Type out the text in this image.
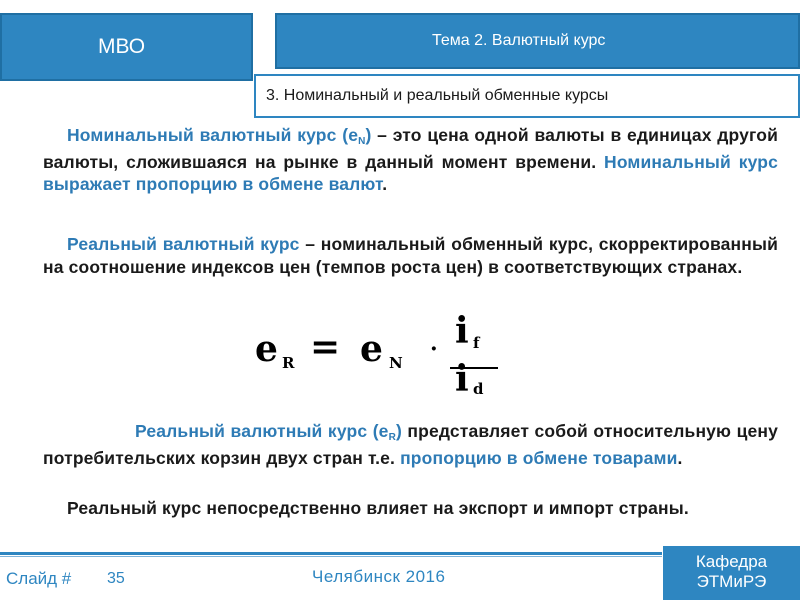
МВО	Тема 2. Валютный курс
3. Номинальный и реальный обменные курсы

Номинальный валютный курс (eN) – это цена одной валюты в единицах другой валюты, сложившаяся на рынке в данный момент времени. Номинальный курс выражает пропорцию в обмене валют.

Реальный валютный курс – номинальный обменный курс, скорректированный на соотношение индексов цен (темпов роста цен) в соответствующих странах.

e R = e N
· i f
i d

Реальный валютный курс (eR) представляет собой относительную цену потребительских корзин двух стран т.е. пропорцию в обмене товарами.

Реальный курс непосредственно влияет на экспорт и импорт страны.

Слайд # 35	Челябинск 2016
Кафедра
ЭТМиРЭ
